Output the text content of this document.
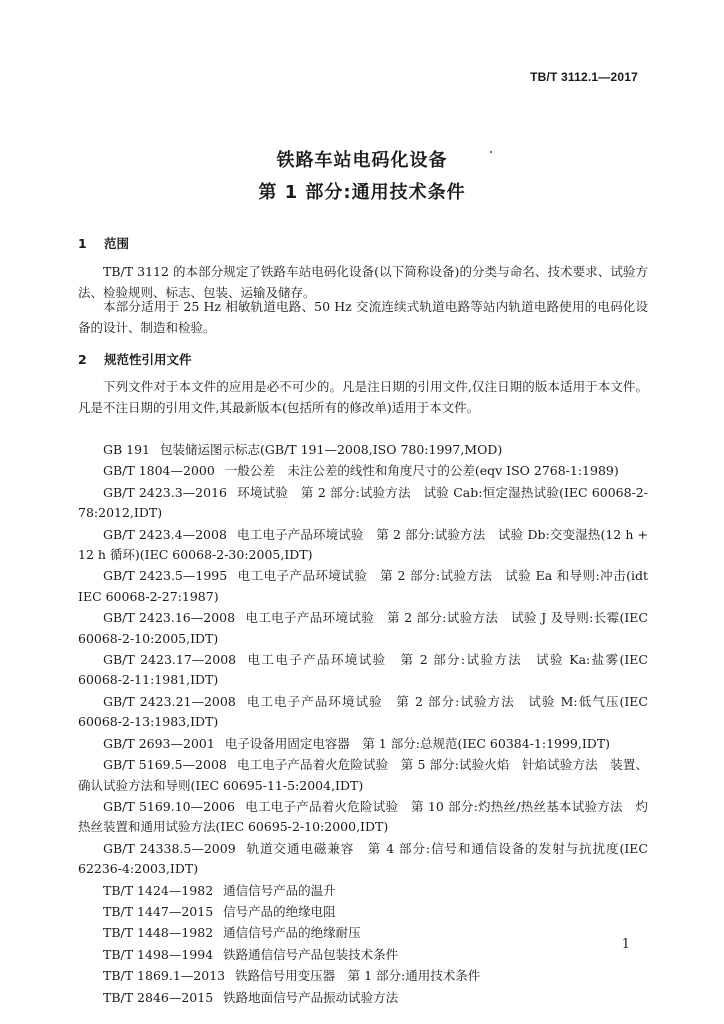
TB/T 3112.1—2017
铁路车站电码化设备
第 1 部分:通用技术条件
1 范围
TB/T 3112 的本部分规定了铁路车站电码化设备(以下简称设备)的分类与命名、技术要求、试验方法、检验规则、标志、包装、运输及储存。
本部分适用于 25 Hz 相敏轨道电路、50 Hz 交流连续式轨道电路等站内轨道电路使用的电码化设备的设计、制造和检验。
2 规范性引用文件
下列文件对于本文件的应用是必不可少的。凡是注日期的引用文件,仅注日期的版本适用于本文件。凡是不注日期的引用文件,其最新版本(包括所有的修改单)适用于本文件。
GB 191 包装储运图示标志(GB/T 191—2008,ISO 780:1997,MOD)
GB/T 1804—2000 一般公差　未注公差的线性和角度尺寸的公差(eqv ISO 2768-1:1989)
GB/T 2423.3—2016 环境试验　第 2 部分:试验方法　试验 Cab:恒定湿热试验(IEC 60068-2-78:2012,IDT)
GB/T 2423.4—2008 电工电子产品环境试验　第 2 部分:试验方法　试验 Db:交变湿热(12 h + 12 h 循环)(IEC 60068-2-30:2005,IDT)
GB/T 2423.5—1995 电工电子产品环境试验　第 2 部分:试验方法　试验 Ea 和导则:冲击(idt IEC 60068-2-27:1987)
GB/T 2423.16—2008 电工电子产品环境试验　第 2 部分:试验方法　试验 J 及导则:长霉(IEC 60068-2-10:2005,IDT)
GB/T 2423.17—2008 电工电子产品环境试验　第 2 部分:试验方法　试验 Ka:盐雾(IEC 60068-2-11:1981,IDT)
GB/T 2423.21—2008 电工电子产品环境试验　第 2 部分:试验方法　试验 M:低气压(IEC 60068-2-13:1983,IDT)
GB/T 2693—2001 电子设备用固定电容器　第 1 部分:总规范(IEC 60384-1:1999,IDT)
GB/T 5169.5—2008 电工电子产品着火危险试验　第 5 部分:试验火焰　针焰试验方法　装置、确认试验方法和导则(IEC 60695-11-5:2004,IDT)
GB/T 5169.10—2006 电工电子产品着火危险试验　第 10 部分:灼热丝/热丝基本试验方法　灼热丝装置和通用试验方法(IEC 60695-2-10:2000,IDT)
GB/T 24338.5—2009 轨道交通电磁兼容　第 4 部分:信号和通信设备的发射与抗扰度(IEC 62236-4:2003,IDT)
TB/T 1424—1982 通信信号产品的温升
TB/T 1447—2015 信号产品的绝缘电阻
TB/T 1448—1982 通信信号产品的绝缘耐压
TB/T 1498—1994 铁路通信信号产品包装技术条件
TB/T 1869.1—2013 铁路信号用变压器　第 1 部分:通用技术条件
TB/T 2846—2015 铁路地面信号产品振动试验方法
1
